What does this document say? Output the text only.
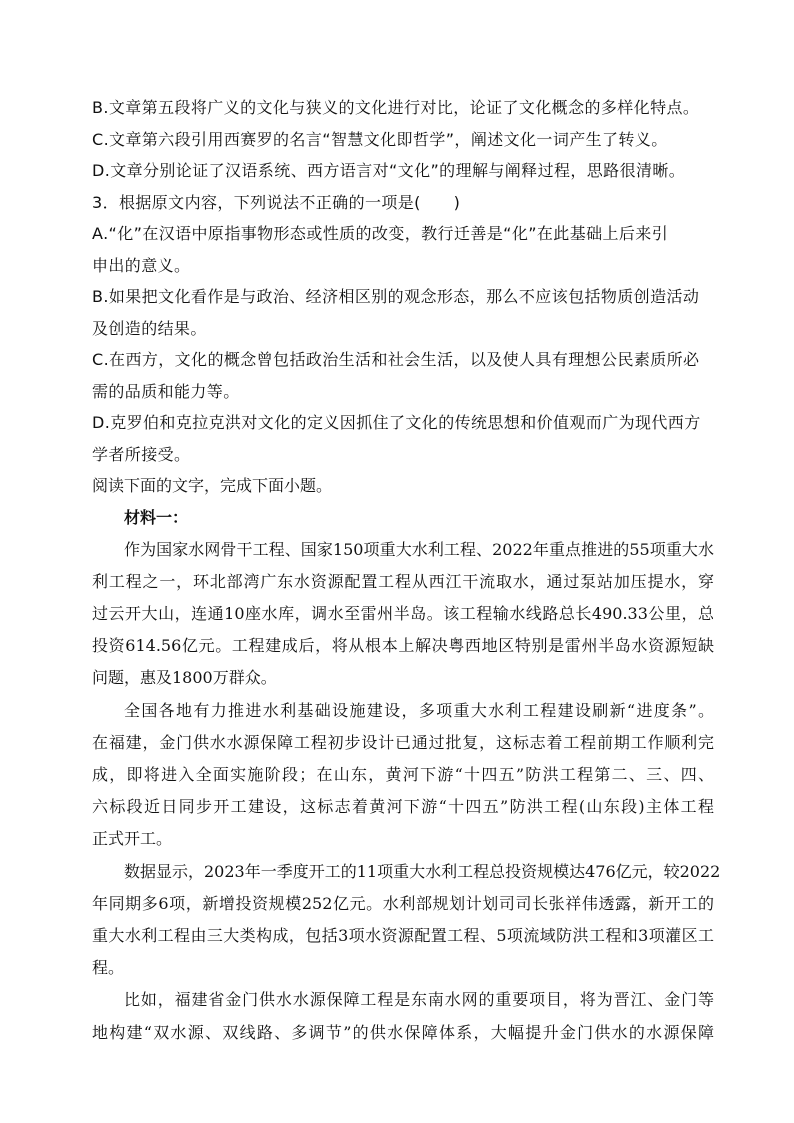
B.文章第五段将广义的文化与狭义的文化进行对比，论证了文化概念的多样化特点。
C.文章第六段引用西赛罗的名言“智慧文化即哲学”，阐述文化一词产生了转义。
D.文章分别论证了汉语系统、西方语言对“文化”的理解与阐释过程，思路很清晰。
3．根据原文内容，下列说法不正确的一项是(　　)
A.“化”在汉语中原指事物形态或性质的改变，教行迁善是“化”在此基础上后来引
申出的意义。
B.如果把文化看作是与政治、经济相区别的观念形态，那么不应该包括物质创造活动
及创造的结果。
C.在西方，文化的概念曾包括政治生活和社会生活，以及使人具有理想公民素质所必
需的品质和能力等。
D.克罗伯和克拉克洪对文化的定义因抓住了文化的传统思想和价值观而广为现代西方
学者所接受。
阅读下面的文字，完成下面小题。
材料一：
作为国家水网骨干工程、国家150项重大水利工程、2022年重点推进的55项重大水
利工程之一，环北部湾广东水资源配置工程从西江干流取水，通过泵站加压提水，穿
过云开大山，连通10座水库，调水至雷州半岛。该工程输水线路总长490.33公里，总
投资614.56亿元。工程建成后，将从根本上解决粤西地区特别是雷州半岛水资源短缺
问题，惠及1800万群众。
全国各地有力推进水利基础设施建设，多项重大水利工程建设刷新“进度条”。
在福建，金门供水水源保障工程初步设计已通过批复，这标志着工程前期工作顺利完
成，即将进入全面实施阶段；在山东，黄河下游“十四五”防洪工程第二、三、四、
六标段近日同步开工建设，这标志着黄河下游“十四五”防洪工程(山东段)主体工程
正式开工。
数据显示，2023年一季度开工的11项重大水利工程总投资规模达476亿元，较2022
年同期多6项，新增投资规模252亿元。水利部规划计划司司长张祥伟透露，新开工的
重大水利工程由三大类构成，包括3项水资源配置工程、5项流域防洪工程和3项灌区工
程。
比如，福建省金门供水水源保障工程是东南水网的重要项目，将为晋江、金门等
地构建“双水源、双线路、多调节”的供水保障体系，大幅提升金门供水的水源保障
